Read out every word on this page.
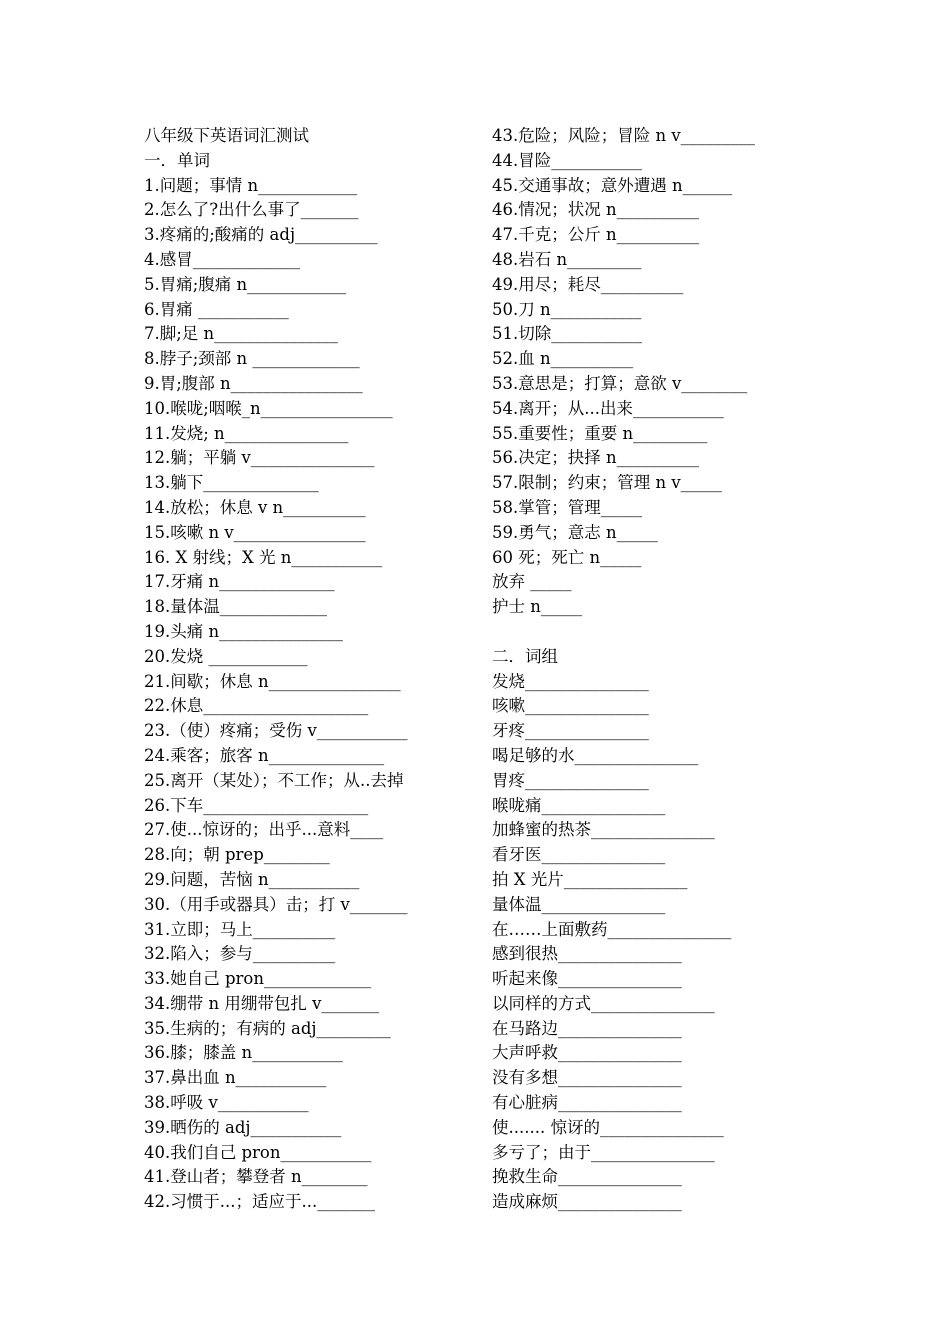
八年级下英语词汇测试
一．单词
1.问题；事情 n____________
2.怎么了?出什么事了_______
3.疼痛的;酸痛的 adj__________
4.感冒_____________
5.胃痛;腹痛 n____________
6.胃痛 ___________
7.脚;足 n_______________
8.脖子;颈部 n _____________
9.胃;腹部 n________________
10.喉咙;咽喉_n________________
11.发烧; n_______________
12.躺；平躺 v_______________
13.躺下______________
14.放松；休息 v n__________
15.咳嗽 n v________________
16. X 射线；X 光 n___________
17.牙痛 n______________
18.量体温_____________
19.头痛 n_______________
20.发烧 ____________
21.间歇；休息 n________________
22.休息____________________
23.（使）疼痛；受伤 v___________
24.乘客；旅客 n______________
25.离开（某处）；不工作；从..去掉
26.下车____________________
27.使...惊讶的；出乎...意料____
28.向；朝 prep________
29.问题，苦恼 n___________
30.（用手或器具）击；打 v_______
31.立即；马上__________
32.陷入；参与__________
33.她自己 pron_____________
34.绷带 n 用绷带包扎 v_______
35.生病的；有病的 adj_________
36.膝；膝盖 n___________
37.鼻出血 n___________
38.呼吸 v___________
39.晒伤的 adj___________
40.我们自己 pron___________
41.登山者；攀登者 n________
42.习惯于...；适应于..._______
43.危险；风险；冒险 n v_________
44.冒险___________
45.交通事故；意外遭遇 n______
46.情况；状况 n__________
47.千克；公斤 n__________
48.岩石 n_________
49.用尽；耗尽__________
50.刀 n___________
51.切除___________
52.血 n__________
53.意思是；打算；意欲 v________
54.离开；从...出来___________
55.重要性；重要 n_________
56.决定；抉择 n__________
57.限制；约束；管理 n v_____
58.掌管；管理_____
59.勇气；意志 n_____
60 死；死亡 n_____
放弃 _____
护士 n_____
二．词组
发烧_______________
咳嗽_______________
牙疼_______________
喝足够的水_______________
胃疼_______________
喉咙痛_______________
加蜂蜜的热茶_______________
看牙医_______________
拍 X 光片_______________
量体温_______________
在……上面敷药_______________
感到很热_______________
听起来像_______________
以同样的方式_______________
在马路边_______________
大声呼救_______________
没有多想_______________
有心脏病_______________
使....... 惊讶的_______________
多亏了；由于_______________
挽救生命_______________
造成麻烦_______________
